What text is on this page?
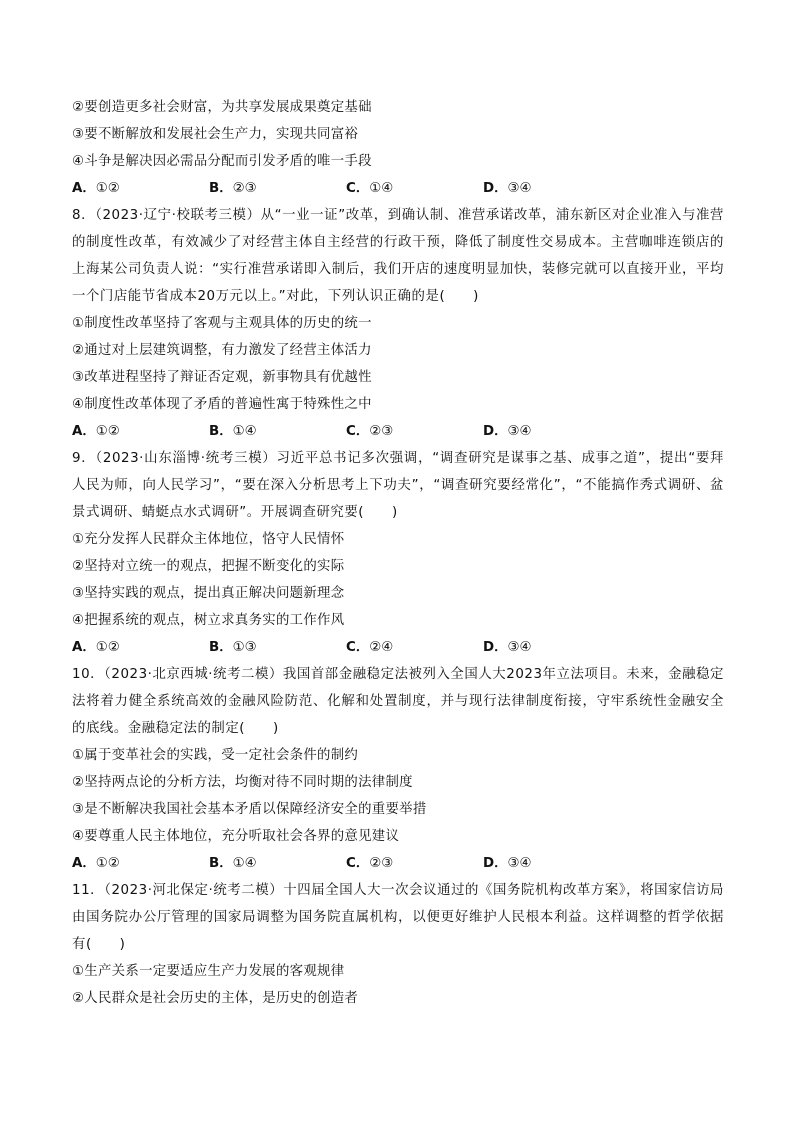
②要创造更多社会财富，为共享发展成果奠定基础
③要不断解放和发展社会生产力，实现共同富裕
④斗争是解决因必需品分配而引发矛盾的唯一手段
A．①②	B．②③	C．①④	D．③④
8．（2023·辽宁·校联考三模）从“一业一证”改革，到确认制、准营承诺改革，浦东新区对企业准入与准营的制度性改革，有效减少了对经营主体自主经营的行政干预，降低了制度性交易成本。主营咖啡连锁店的上海某公司负责人说：“实行准营承诺即入制后，我们开店的速度明显加快，装修完就可以直接开业，平均一个门店能节省成本20万元以上。”对此，下列认识正确的是(　　)
①制度性改革坚持了客观与主观具体的历史的统一
②通过对上层建筑调整，有力激发了经营主体活力
③改革进程坚持了辩证否定观，新事物具有优越性
④制度性改革体现了矛盾的普遍性寓于特殊性之中
A．①②	B．①④	C．②③	D．③④
9．（2023·山东淄博·统考三模）习近平总书记多次强调，“调查研究是谋事之基、成事之道”，提出“要拜人民为师，向人民学习”，“要在深入分析思考上下功夫”，“调查研究要经常化”，“不能搞作秀式调研、盆景式调研、蜻蜓点水式调研”。开展调查研究要(　　)
①充分发挥人民群众主体地位，恪守人民情怀
②坚持对立统一的观点，把握不断变化的实际
③坚持实践的观点，提出真正解决问题新理念
④把握系统的观点，树立求真务实的工作作风
A．①②	B．①③	C．②④	D．③④
10．（2023·北京西城·统考二模）我国首部金融稳定法被列入全国人大2023年立法项目。未来，金融稳定法将着力健全系统高效的金融风险防范、化解和处置制度，并与现行法律制度衔接，守牢系统性金融安全的底线。金融稳定法的制定(　　)
①属于变革社会的实践，受一定社会条件的制约
②坚持两点论的分析方法，均衡对待不同时期的法律制度
③是不断解决我国社会基本矛盾以保障经济安全的重要举措
④要尊重人民主体地位，充分听取社会各界的意见建议
A．①②	B．①④	C．②③	D．③④
11．（2023·河北保定·统考二模）十四届全国人大一次会议通过的《国务院机构改革方案》，将国家信访局由国务院办公厅管理的国家局调整为国务院直属机构，以便更好维护人民根本利益。这样调整的哲学依据有(　　)
①生产关系一定要适应生产力发展的客观规律
②人民群众是社会历史的主体，是历史的创造者
